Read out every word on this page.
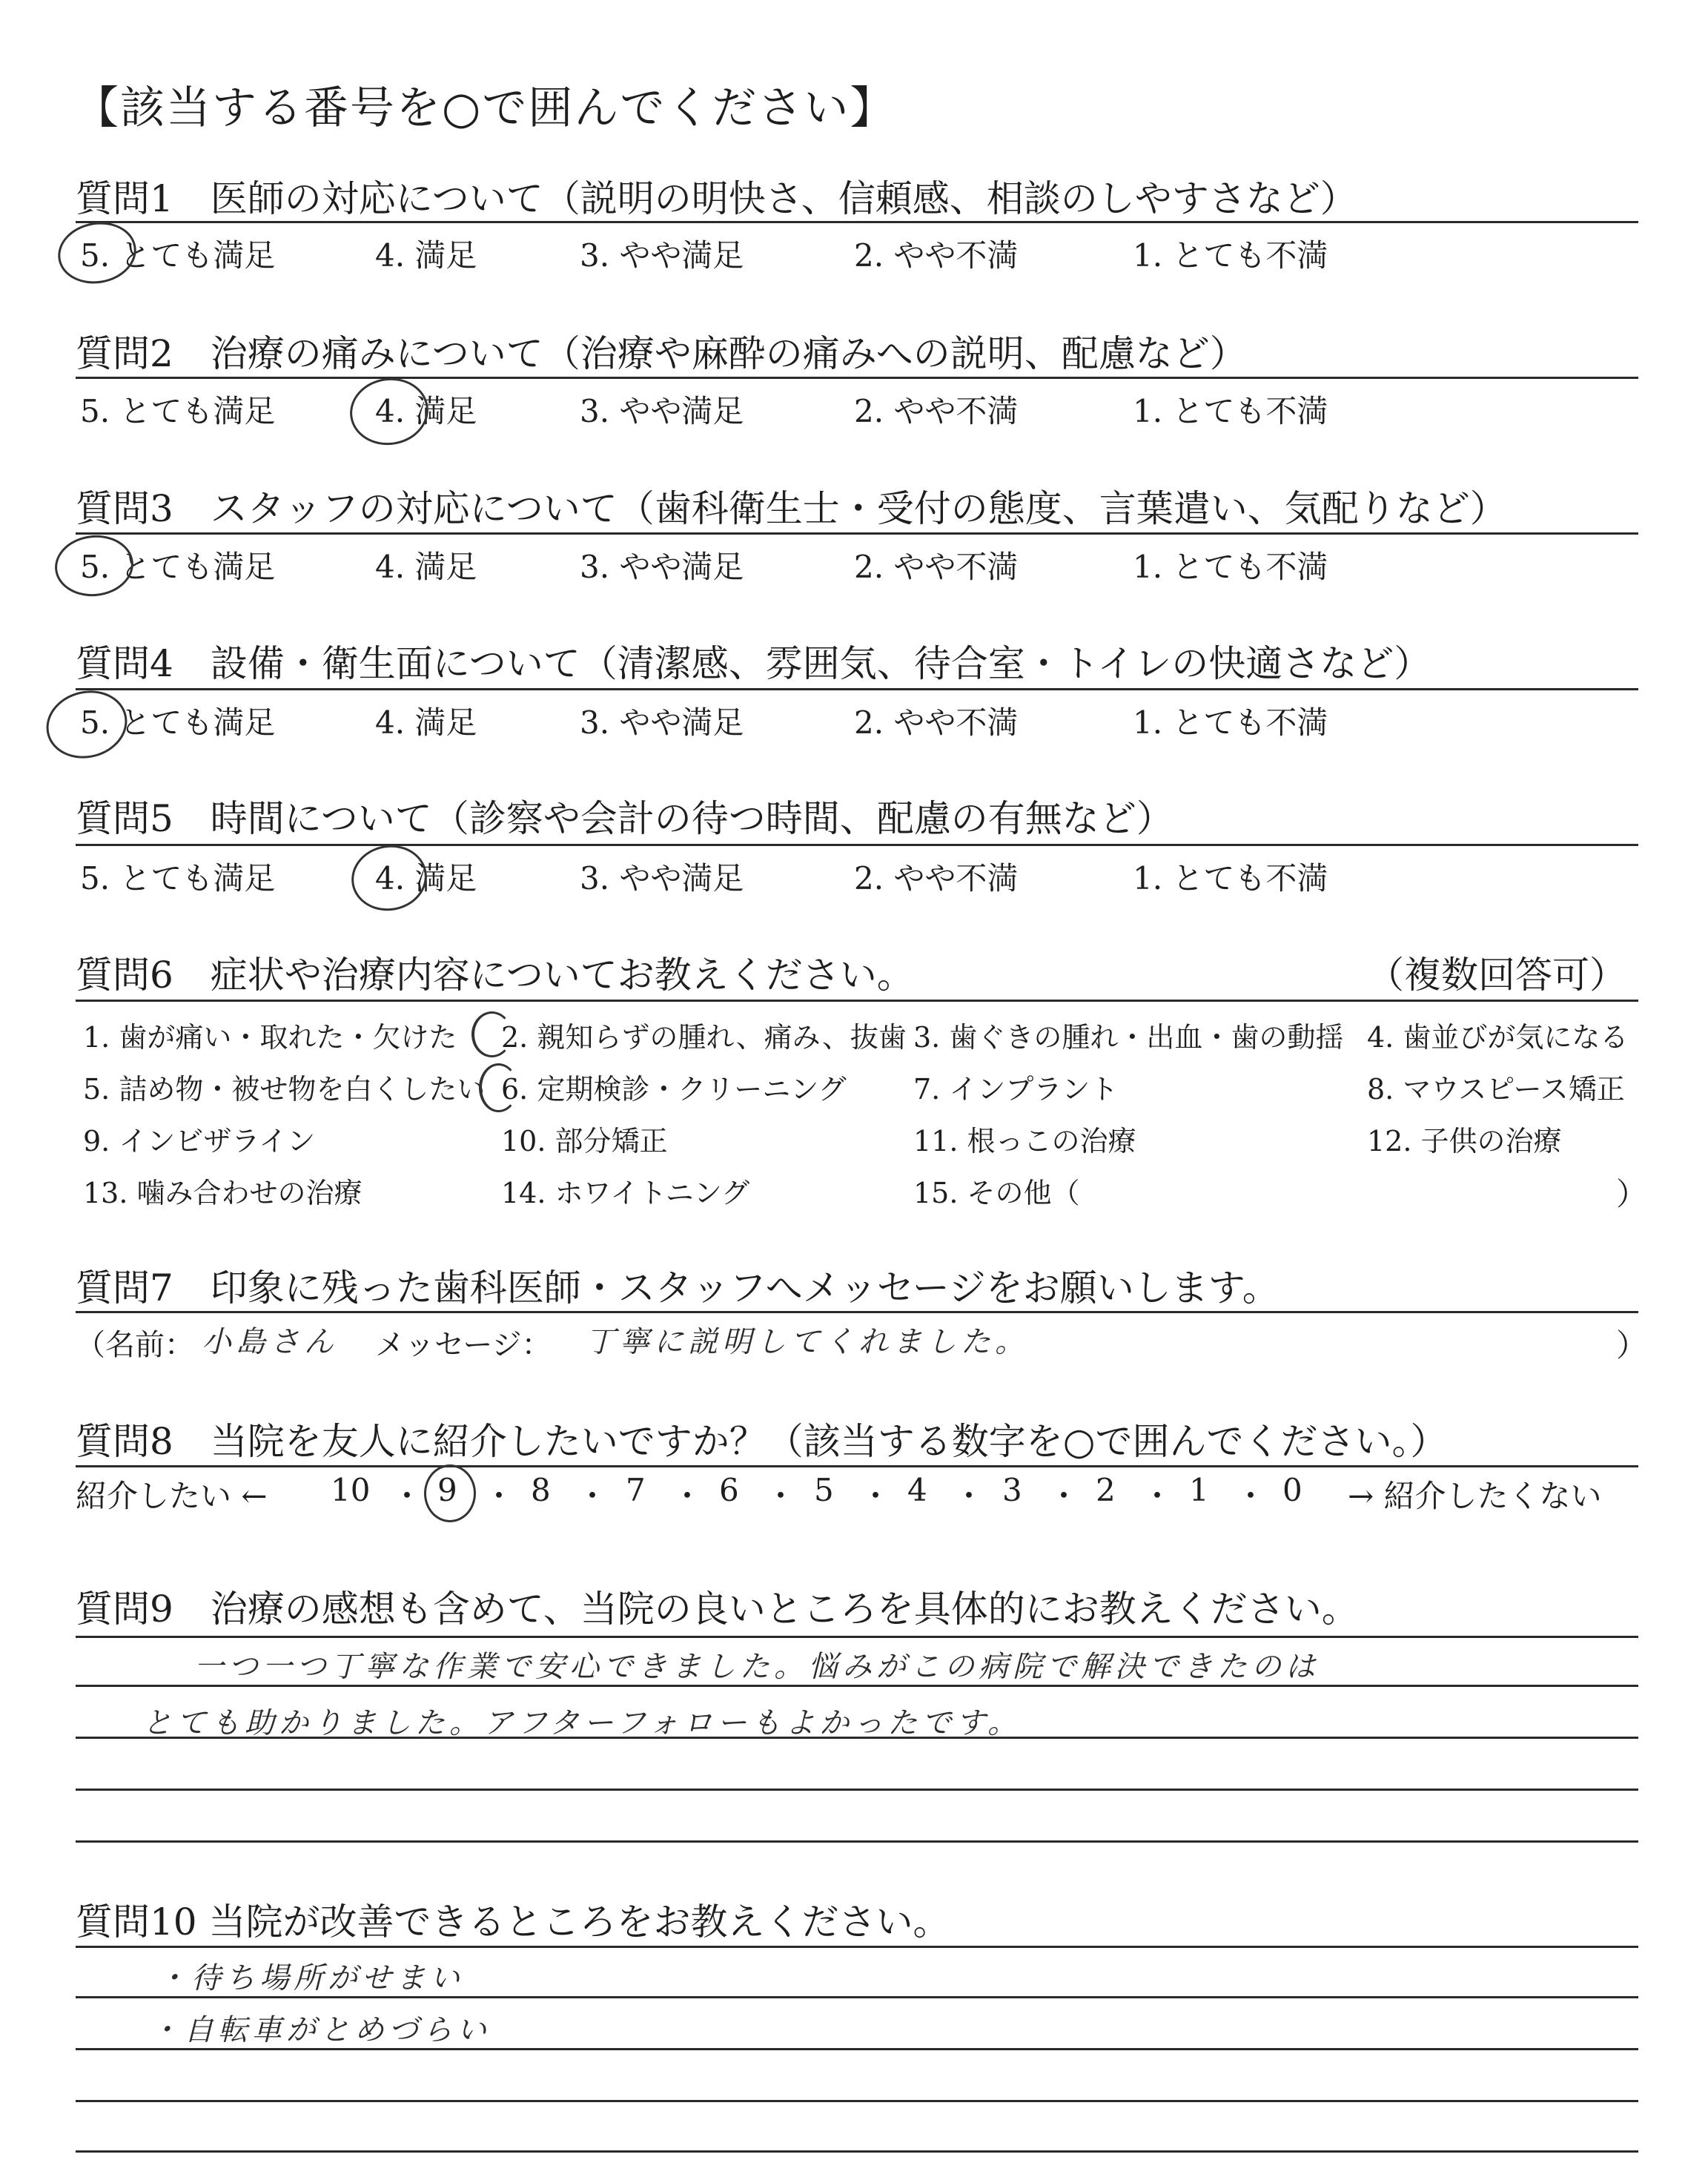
【該当する番号を○で囲んでください】
質問1　医師の対応について（説明の明快さ、信頼感、相談のしやすさなど）
5. とても満足	4. 満足	3. やや満足	2. やや不満	1. とても不満
質問2　治療の痛みについて（治療や麻酔の痛みへの説明、配慮など）
5. とても満足	4. 満足	3. やや満足	2. やや不満	1. とても不満
質問3　スタッフの対応について（歯科衛生士・受付の態度、言葉遣い、気配りなど）
5. とても満足	4. 満足	3. やや満足	2. やや不満	1. とても不満
質問4　設備・衛生面について（清潔感、雰囲気、待合室・トイレの快適さなど）
5. とても満足	4. 満足	3. やや満足	2. やや不満	1. とても不満
質問5　時間について（診察や会計の待つ時間、配慮の有無など）
5. とても満足	4. 満足	3. やや満足	2. やや不満	1. とても不満
質問6　症状や治療内容についてお教えください。	（複数回答可）
1. 歯が痛い・取れた・欠けた 2. 親知らずの腫れ、痛み、抜歯 3. 歯ぐきの腫れ・出血・歯の動揺 4. 歯並びが気になる
5. 詰め物・被せ物を白くしたい 6. 定期検診・クリーニング 7. インプラント	8. マウスピース矯正
9. インビザライン	10. 部分矯正	11. 根っこの治療	12. 子供の治療
13. 噛み合わせの治療	14. ホワイトニング	15. その他（	）
質問7　印象に残った歯科医師・スタッフへメッセージをお願いします。
（名前： 小島さん メッセージ： 丁寧に説明してくれました。	）
質問8　当院を友人に紹介したいですか？（該当する数字を○で囲んでください。）
紹介したい ← 10 ・ 9 ・ 8 ・ 7 ・ 6 ・ 5 ・ 4 ・ 3 ・ 2 ・ 1 ・ 0 → 紹介したくない
質問9　治療の感想も含めて、当院の良いところを具体的にお教えください。
一つ一つ丁寧な作業で安心できました。悩みがこの病院で解決できたのは
とても助かりました。アフターフォローもよかったです。
質問10 当院が改善できるところをお教えください。
・待ち場所がせまい
・自転車がとめづらい
